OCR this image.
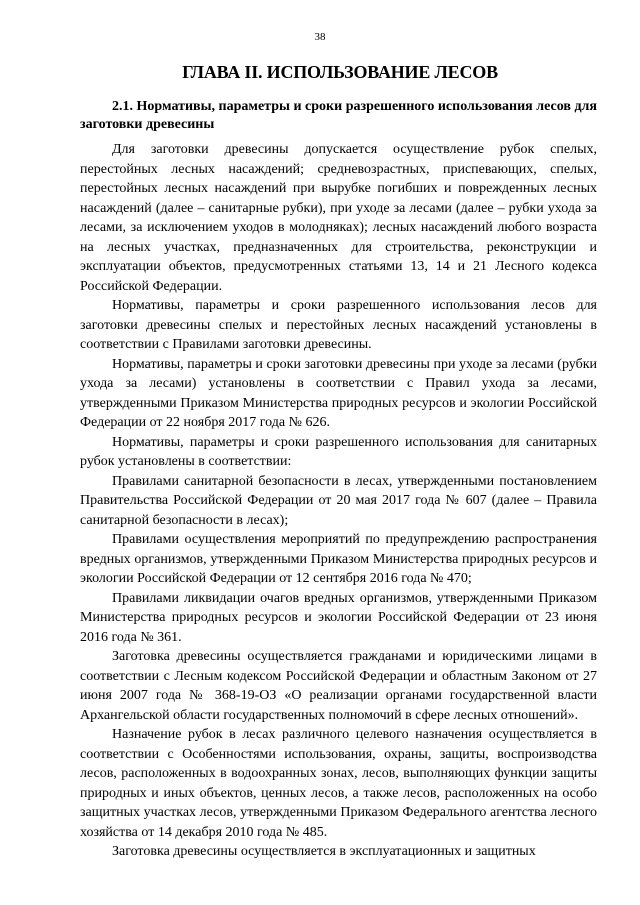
38
ГЛАВА II. ИСПОЛЬЗОВАНИЕ ЛЕСОВ
2.1. Нормативы, параметры и сроки разрешенного использования лесов для заготовки древесины

Для заготовки древесины допускается осуществление рубок спелых, перестойных лесных насаждений; средневозрастных, приспевающих, спелых, перестойных лесных насаждений при вырубке погибших и поврежденных лесных насаждений (далее – санитарные рубки), при уходе за лесами (далее – рубки ухода за лесами, за исключением уходов в молодняках); лесных насаждений любого возраста на лесных участках, предназначенных для строительства, реконструкции и эксплуатации объектов, предусмотренных статьями 13, 14 и 21 Лесного кодекса Российской Федерации.

Нормативы, параметры и сроки разрешенного использования лесов для заготовки древесины спелых и перестойных лесных насаждений установлены в соответствии с Правилами заготовки древесины.

Нормативы, параметры и сроки заготовки древесины при уходе за лесами (рубки ухода за лесами) установлены в соответствии с Правил ухода за лесами, утвержденными Приказом Министерства природных ресурсов и экологии Российской Федерации от 22 ноября 2017 года № 626.

Нормативы, параметры и сроки разрешенного использования для санитарных рубок установлены в соответствии:

Правилами санитарной безопасности в лесах, утвержденными постановлением Правительства Российской Федерации от 20 мая 2017 года № 607 (далее – Правила санитарной безопасности в лесах);

Правилами осуществления мероприятий по предупреждению распространения вредных организмов, утвержденными Приказом Министерства природных ресурсов и экологии Российской Федерации от 12 сентября 2016 года № 470;

Правилами ликвидации очагов вредных организмов, утвержденными Приказом Министерства природных ресурсов и экологии Российской Федерации от 23 июня 2016 года № 361.

Заготовка древесины осуществляется гражданами и юридическими лицами в соответствии с Лесным кодексом Российской Федерации и областным Законом от 27 июня 2007 года № 368-19-ОЗ «О реализации органами государственной власти Архангельской области государственных полномочий в сфере лесных отношений».

Назначение рубок в лесах различного целевого назначения осуществляется в соответствии с Особенностями использования, охраны, защиты, воспроизводства лесов, расположенных в водоохранных зонах, лесов, выполняющих функции защиты природных и иных объектов, ценных лесов, а также лесов, расположенных на особо защитных участках лесов, утвержденными Приказом Федерального агентства лесного хозяйства от 14 декабря 2010 года № 485.

Заготовка древесины осуществляется в эксплуатационных и защитных
